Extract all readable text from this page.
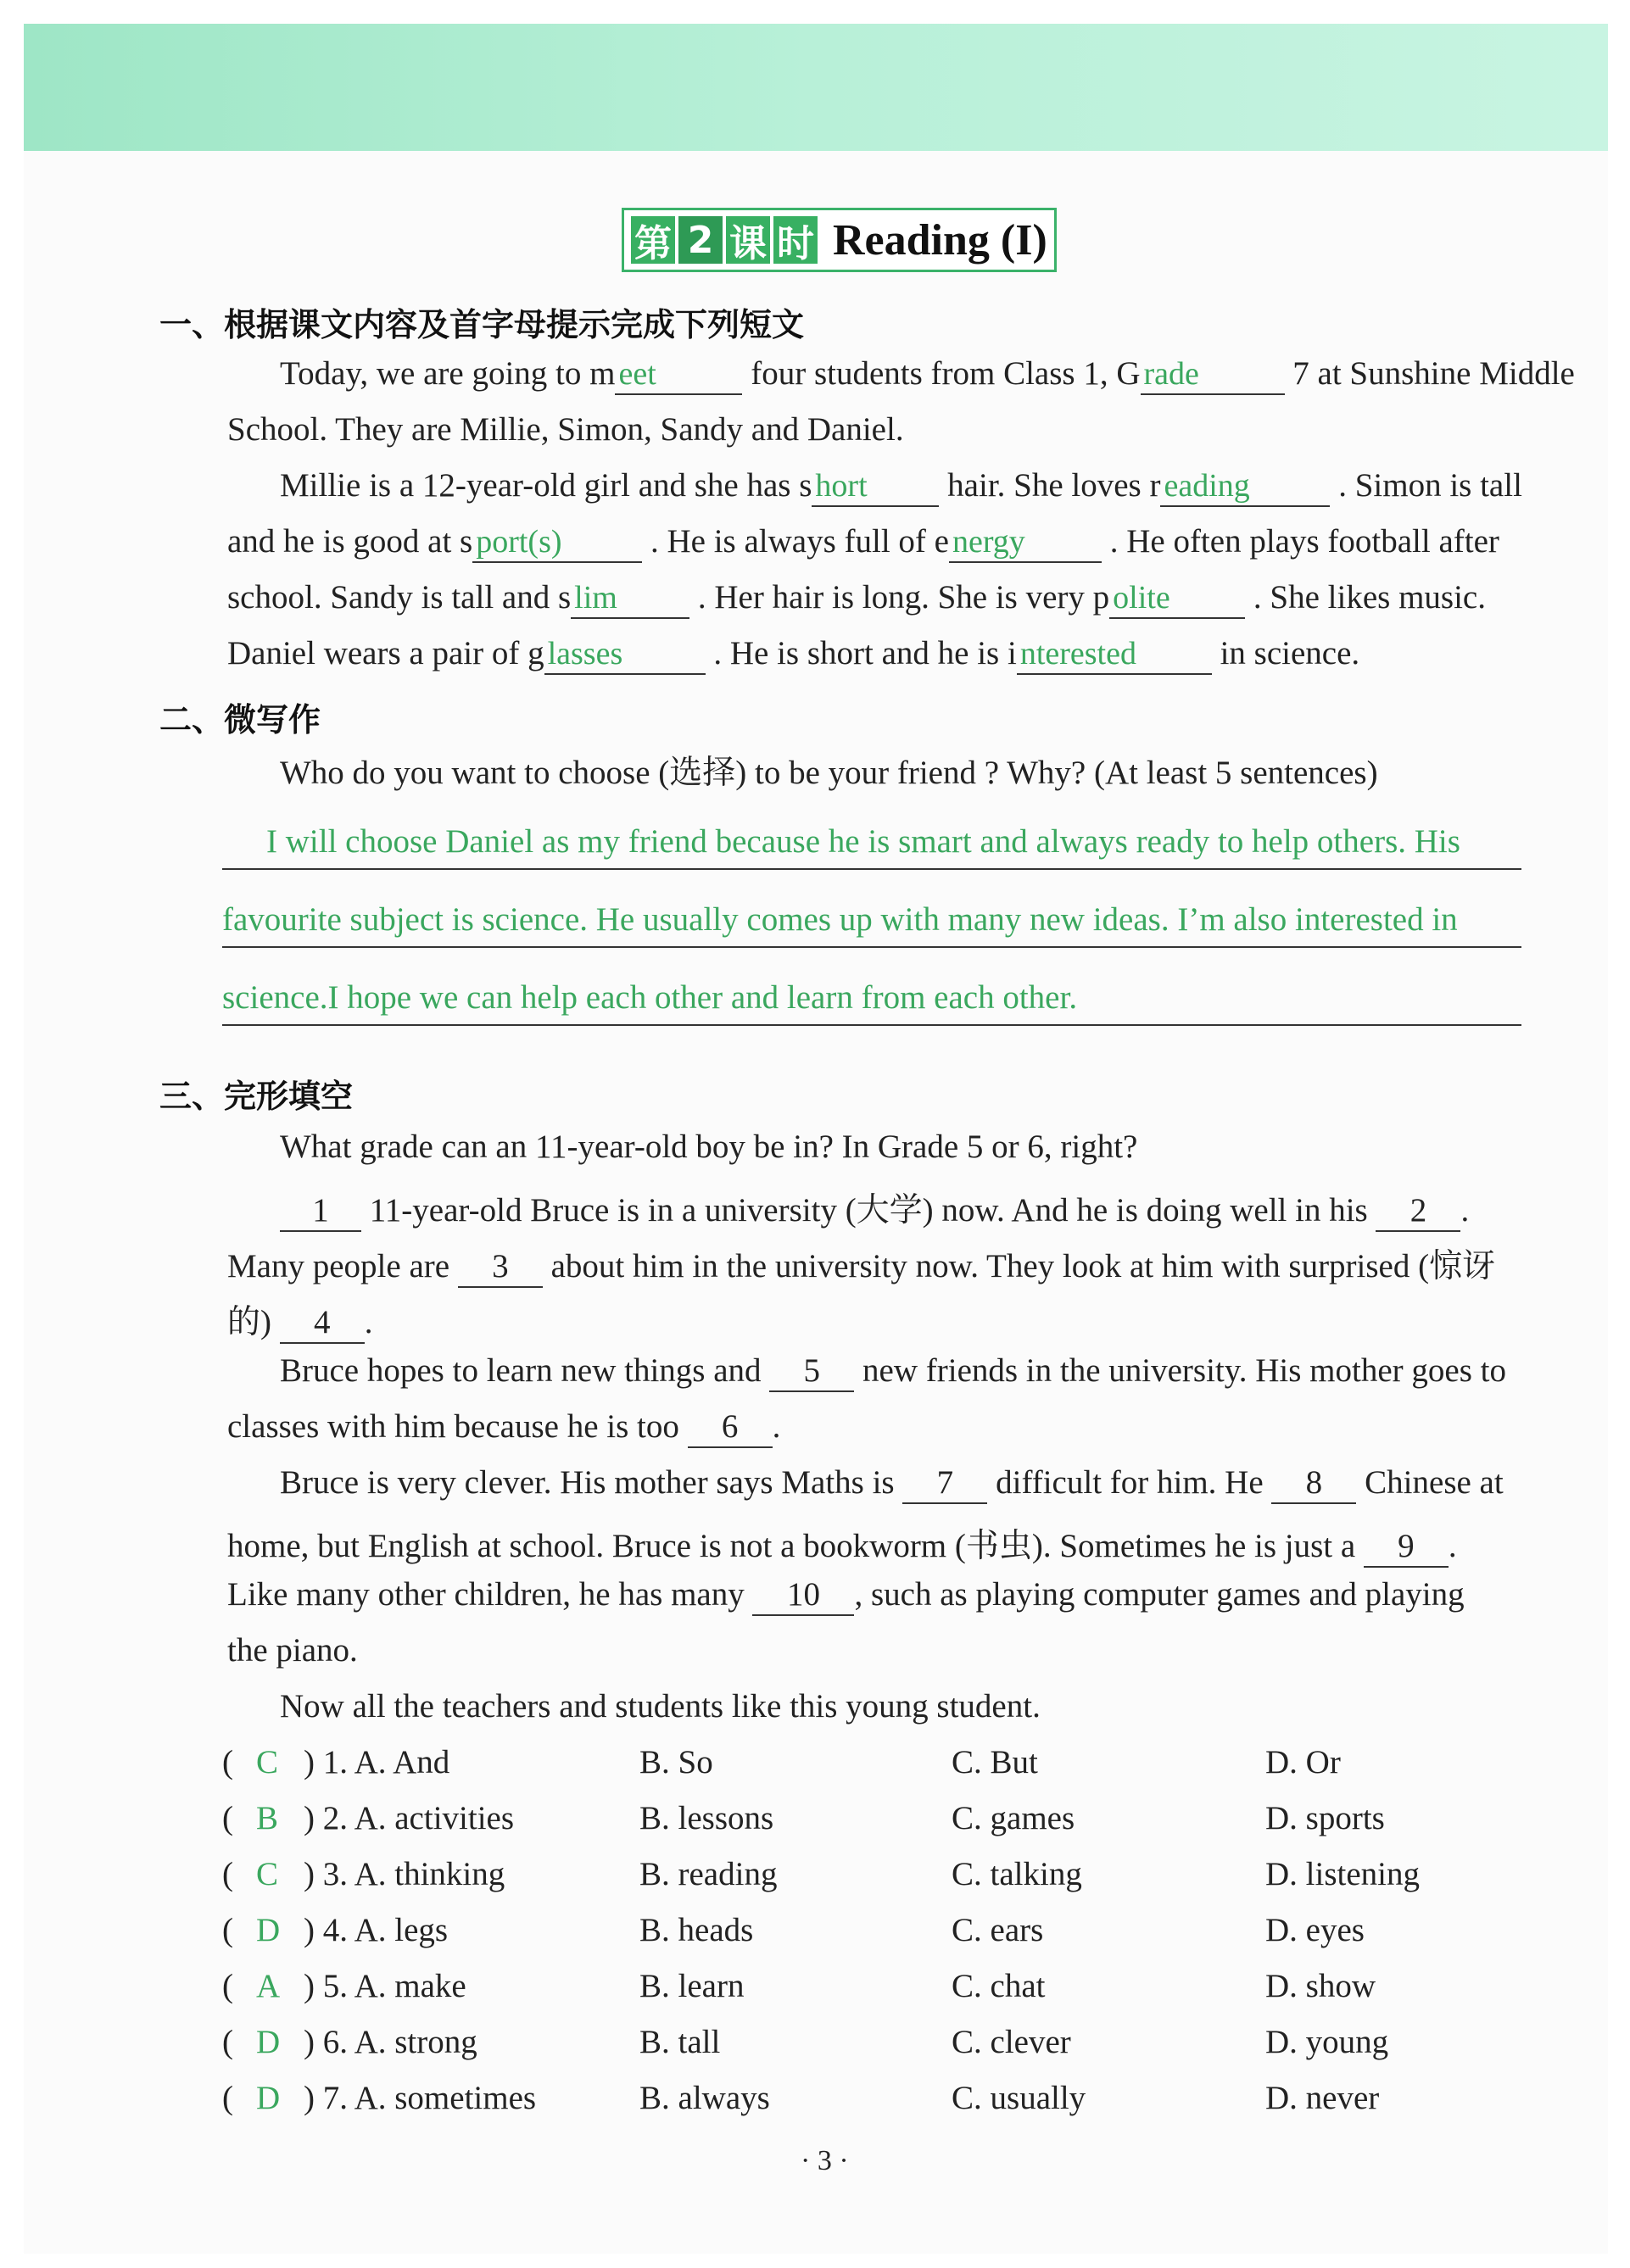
第 2 课 时 Reading (I)
一、根据课文内容及首字母提示完成下列短文
Today, we are going to m eet	four students from Class 1, G rade	7 at Sunshine Middle
School. They are Millie, Simon, Sandy and Daniel.
Millie is a 12-year-old girl and she has s hort hair. She loves r eading	. Simon is tall
and he is good at s port(s)	. He is always full of e nergy	. He often plays football after
school. Sandy is tall and s lim . Her hair is long. She is very p olite	. She likes music.
Daniel wears a pair of g lasses	. He is short and he is i nterested	in science.
二、微写作
Who do you want to choose (选择) to be your friend ? Why? (At least 5 sentences)
I will choose Daniel as my friend because he is smart and always ready to help others. His
favourite subject is science. He usually comes up with many new ideas. I’m also interested in
science.I hope we can help each other and learn from each other.
三、完形填空
What grade can an 11-year-old boy be in? In Grade 5 or 6, right?
1 11-year-old Bruce is in a university (大学) now. And he is doing well in his 2 .
Many people are 3 about him in the university now. They look at him with surprised (惊讶
的) 4 .
Bruce hopes to learn new things and 5 new friends in the university. His mother goes to
classes with him because he is too 6 .
Bruce is very clever. His mother says Maths is 7 difficult for him. He 8 Chinese at
home, but English at school. Bruce is not a bookworm (书虫). Sometimes he is just a 9 .
Like many other children, he has many 10 , such as playing computer games and playing
the piano.
Now all the teachers and students like this young student.
( C ) 1. A. And	B. So	C. But	D. Or
( B ) 2. A. activities	B. lessons	C. games	D. sports
( C ) 3. A. thinking	B. reading	C. talking	D. listening
( D ) 4. A. legs	B. heads	C. ears	D. eyes
( A ) 5. A. make	B. learn	C. chat	D. show
( D ) 6. A. strong	B. tall	C. clever	D. young
( D ) 7. A. sometimes	B. always	C. usually	D. never
· 3 ·
